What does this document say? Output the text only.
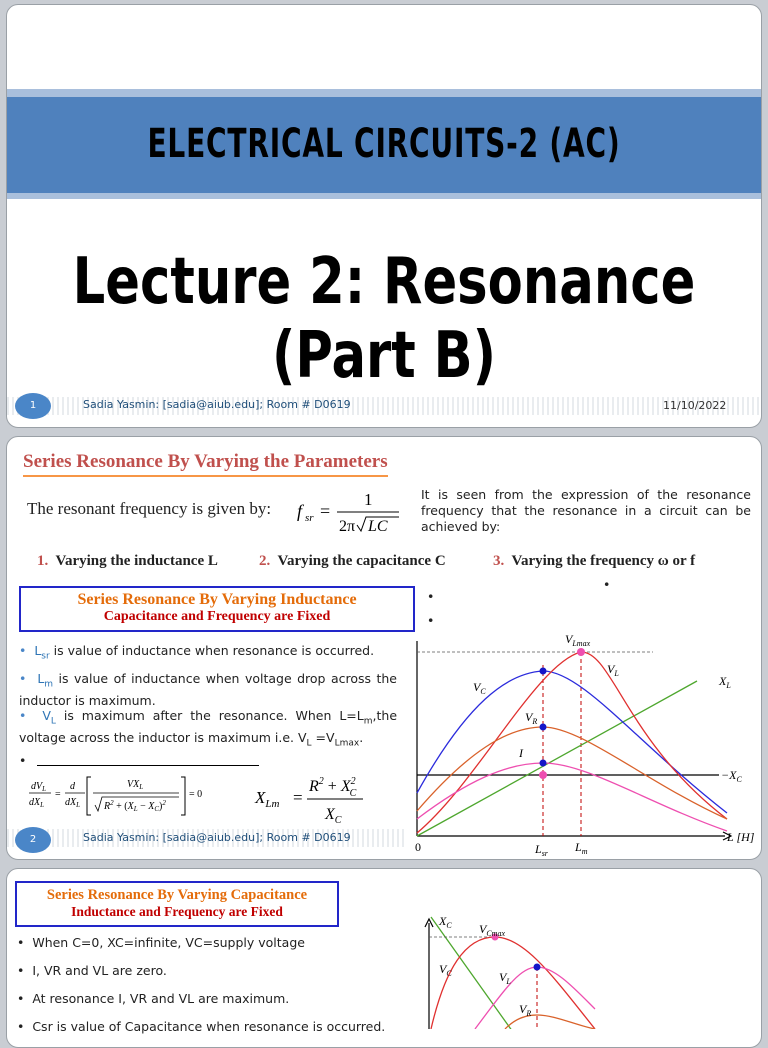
ELECTRICAL CIRCUITS-2 (AC)
Lecture 2: Resonance (Part B)
1	Sadia Yasmin: [sadia@aiub.edu]; Room # D0619	11/10/2022
Series Resonance By Varying the Parameters
The resonant frequency is given by: f sr =
1
2π LC
It is seen from the expression of the resonance frequency that the resonance in a circuit can be achieved by:
1. Varying the inductance L	2. Varying the capacitance C	3. Varying the frequency ω or f
Series Resonance By Varying Inductance
Capacitance and Frequency are Fixed
•
•
•
• $L_{sr}$ is value of inductance when resonance is occurred.
• $L_m$ is value of inductance when voltage drop across the inductor is maximum.
• $V_L$ is maximum after the resonance. When $L=L_m,the$ voltage across the inductor is maximum i.e. $V_L =V_{Lmax}$.
•
$dV_L$
$dX_L$
=
d
$dX_L$
$VX_L$
$R^2 + (X_L - X_C)^2$
= 0	$X_{Lm}$ =
$R^2 + X^2$ C
$X_C$
$V_{Lmax}$
$V_L$
$V_C$
$X_L$
$V_R$
I
$-X_C$
0	$L_{sr}$ $L_m$
L [H]
2	Sadia Yasmin: [sadia@aiub.edu]; Room # D0619
Series Resonance By Varying Capacitance
Inductance and Frequency are Fixed
•  When C=0, XC=infinite, VC=supply voltage
•  I, VR and VL are zero.
•  At resonance I, VR and VL are maximum.
•  Csr is value of Capacitance when resonance is occurred.
$X_C$ $V_{Cmax}$
$V_C$	$V_L$
$V_R$
